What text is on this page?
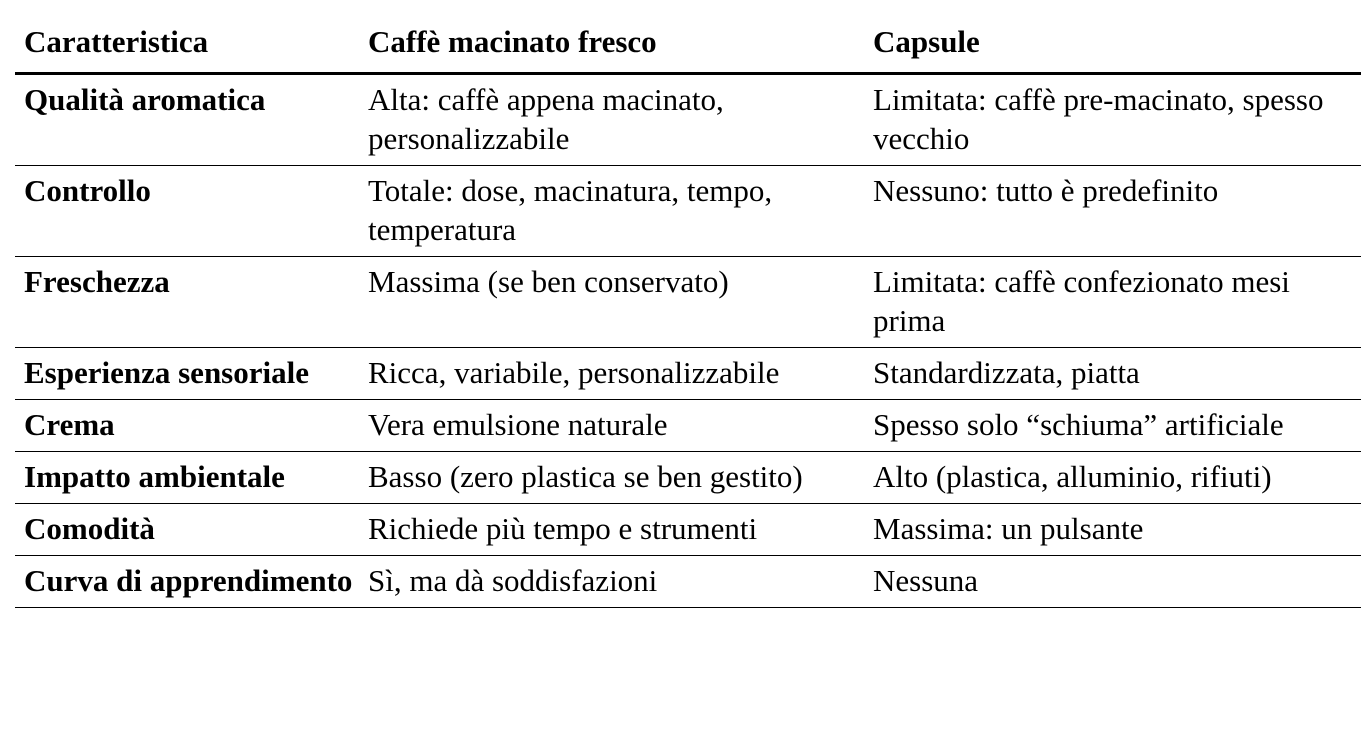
Caratteristica	Caffè macinato fresco	Capsule
Qualità aromatica	Alta: caffè appena macinato, personalizzabile	Limitata: caffè pre-macinato, spesso vecchio
Controllo	Totale: dose, macinatura, tempo, temperatura	Nessuno: tutto è predefinito
Freschezza	Massima (se ben conservato)	Limitata: caffè confezionato mesi prima
Esperienza sensoriale	Ricca, variabile, personalizzabile	Standardizzata, piatta
Crema	Vera emulsione naturale	Spesso solo “schiuma” artificiale
Impatto ambientale	Basso (zero plastica se ben gestito)	Alto (plastica, alluminio, rifiuti)
Comodità	Richiede più tempo e strumenti	Massima: un pulsante
Curva di apprendimento	Sì, ma dà soddisfazioni	Nessuna
